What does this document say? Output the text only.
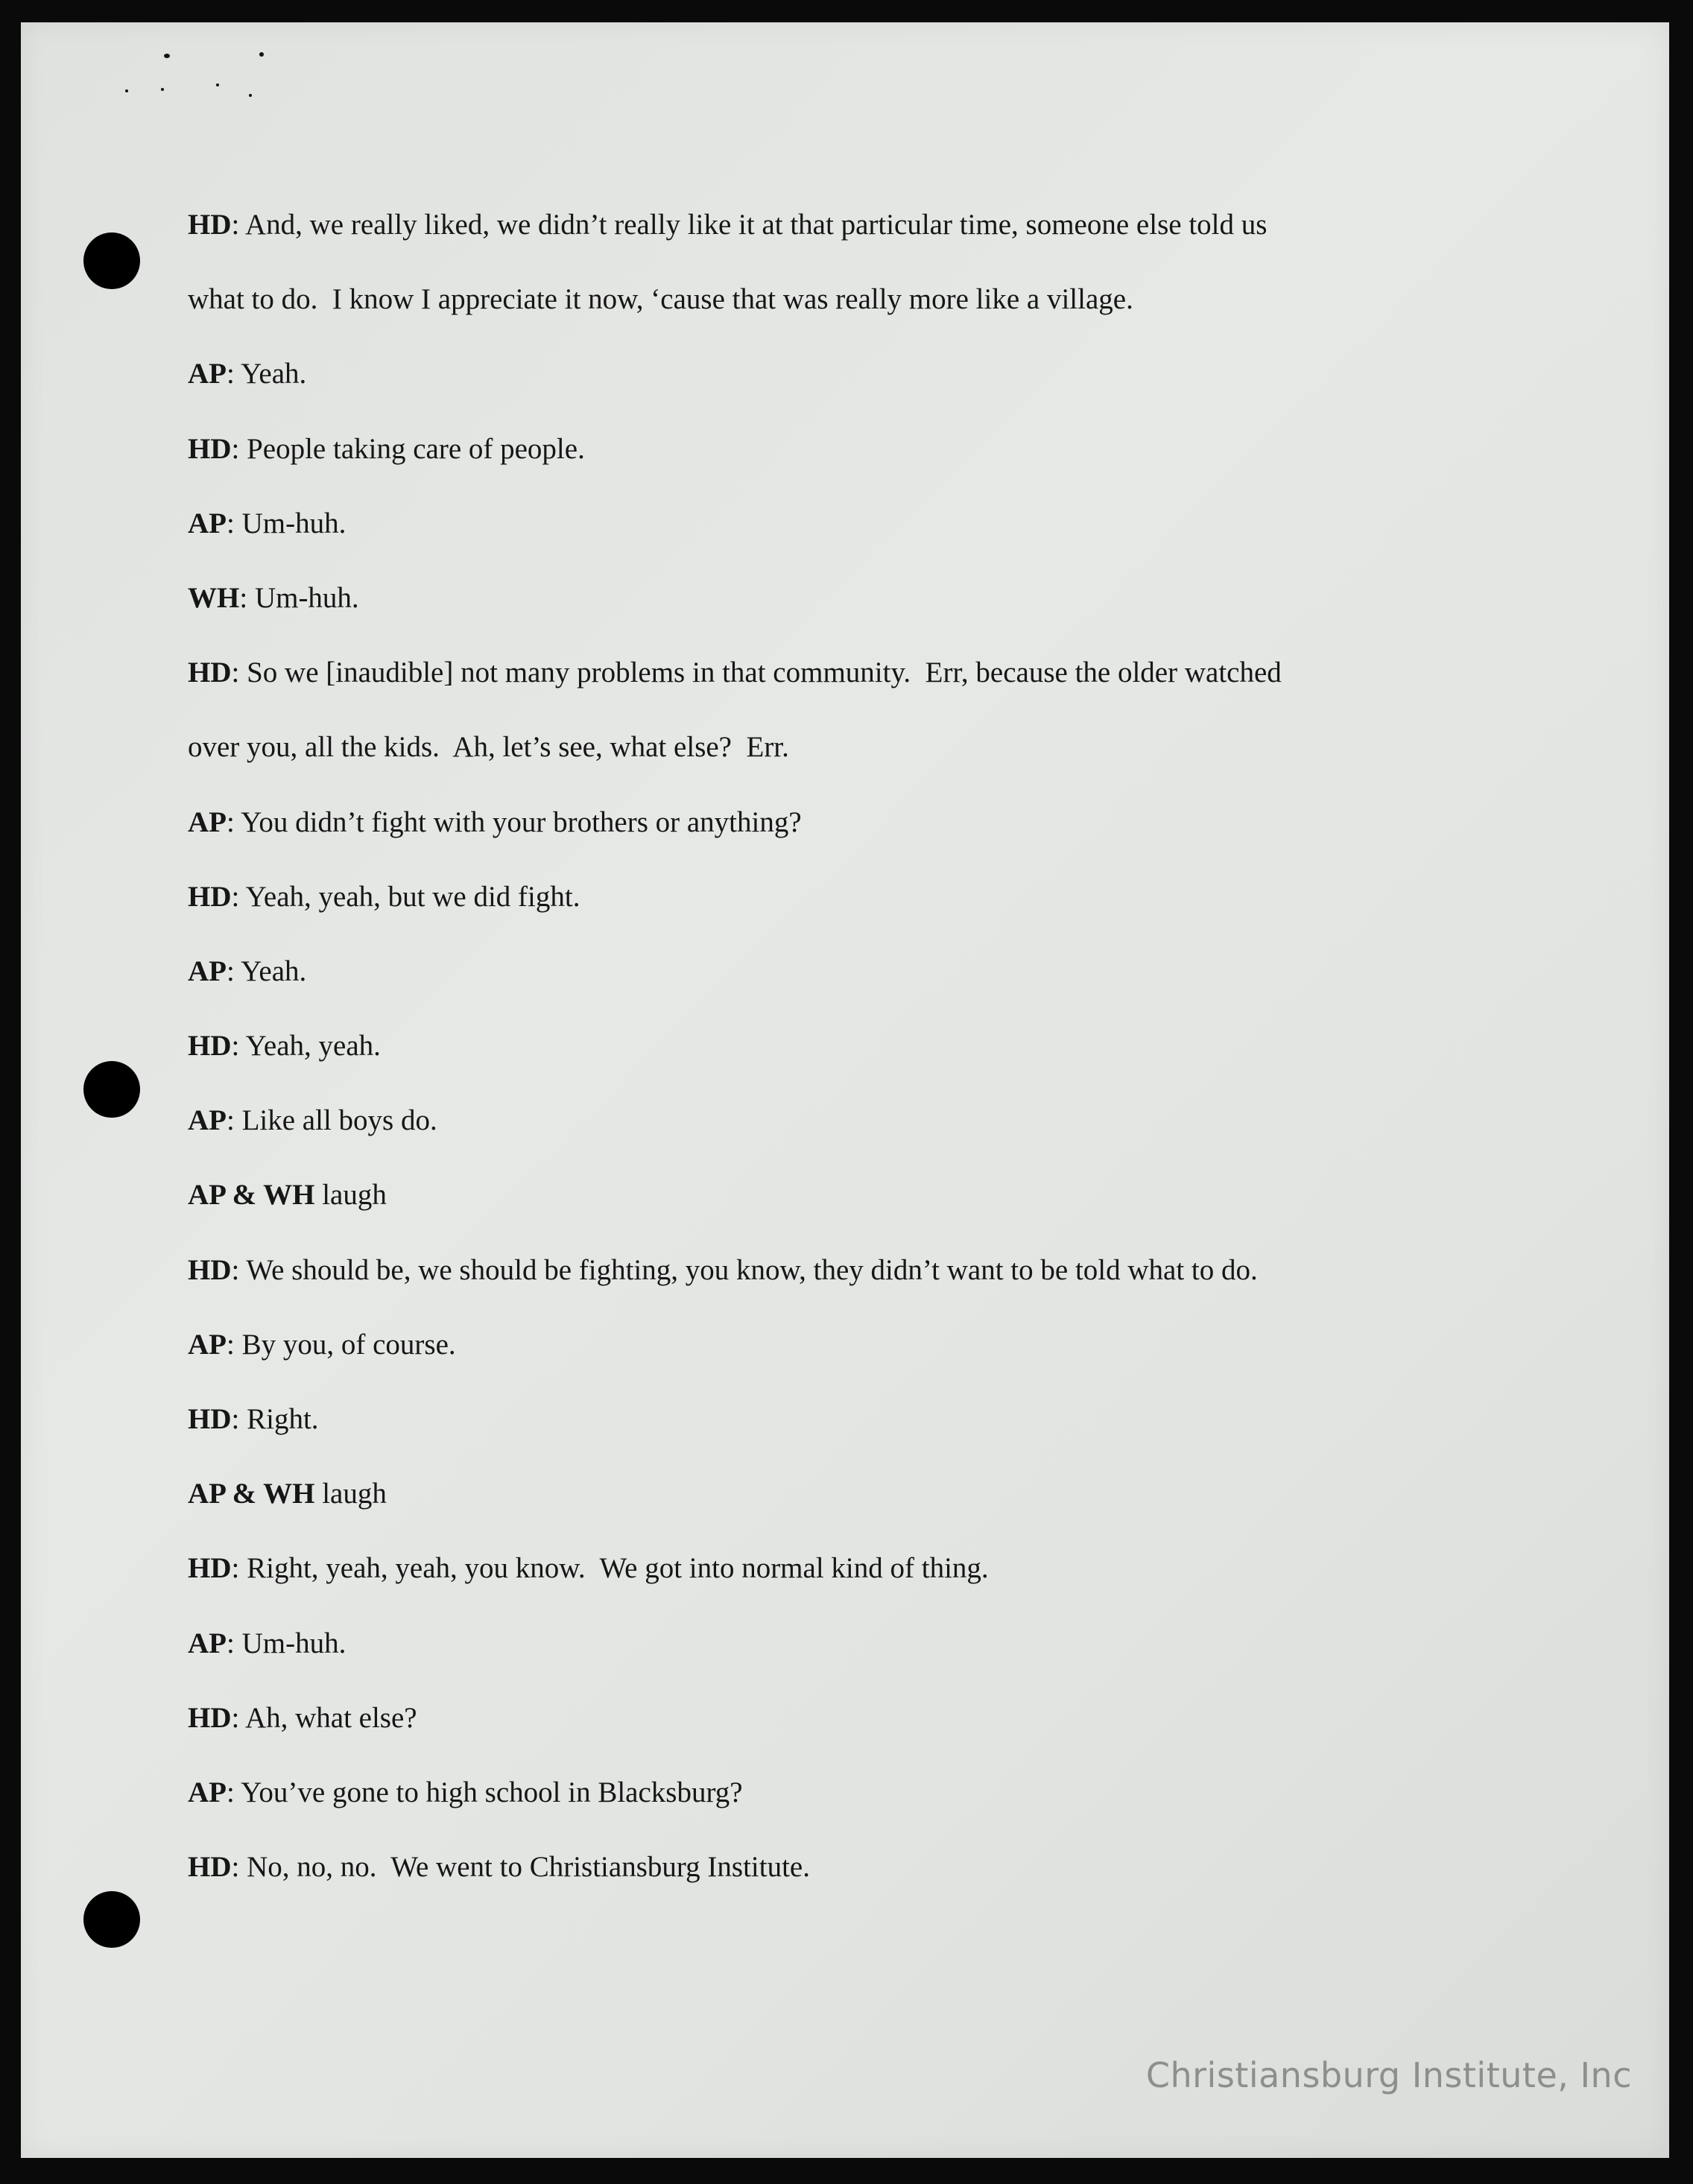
HD: And, we really liked, we didn’t really like it at that particular time, someone else told us
what to do.  I know I appreciate it now, ‘cause that was really more like a village.
AP: Yeah.
HD: People taking care of people.
AP: Um-huh.
WH: Um-huh.
HD: So we [inaudible] not many problems in that community.  Err, because the older watched
over you, all the kids.  Ah, let’s see, what else?  Err.
AP: You didn’t fight with your brothers or anything?
HD: Yeah, yeah, but we did fight.
AP: Yeah.
HD: Yeah, yeah.
AP: Like all boys do.
AP & WH laugh
HD: We should be, we should be fighting, you know, they didn’t want to be told what to do.
AP: By you, of course.
HD: Right.
AP & WH laugh
HD: Right, yeah, yeah, you know.  We got into normal kind of thing.
AP: Um-huh.
HD: Ah, what else?
AP: You’ve gone to high school in Blacksburg?
HD: No, no, no.  We went to Christiansburg Institute.
Christiansburg Institute, Inc
